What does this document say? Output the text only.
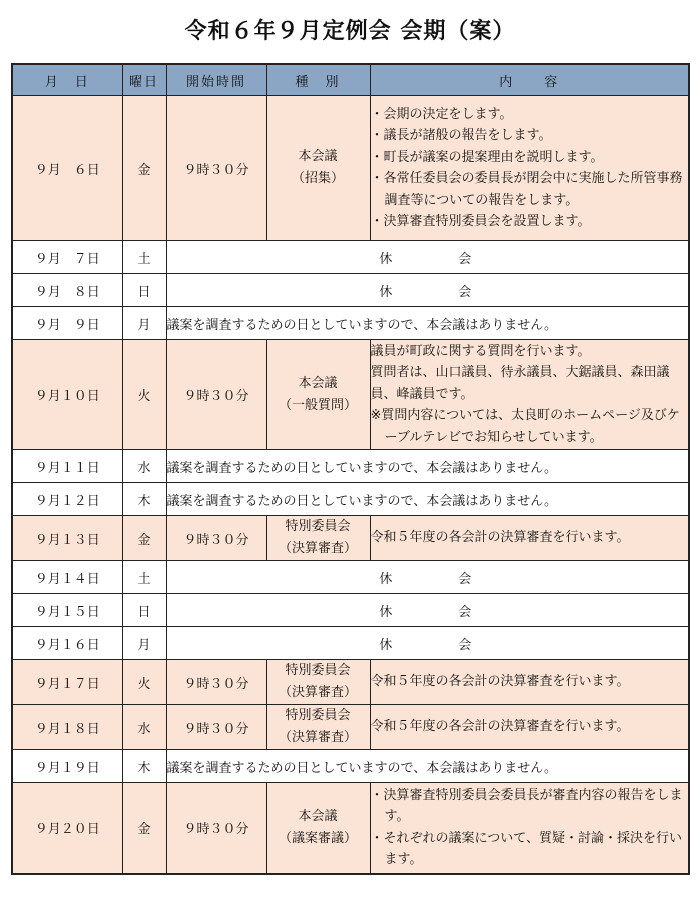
令和６年９月定例会 会期（案）
月　日	曜日	開始時間	種　別	内　　容
９月　６日	金	９時３０分	本会議
（招集）	・会期の決定をします。
・議長が諸般の報告をします。
・町長が議案の提案理由を説明します。
・各常任委員会の委員長が閉会中に実施した所管事務調査等についての報告をします。
・決算審査特別委員会を設置します。

９月　７日	土	休 会		
９月　８日	日	休 会		
９月　９日	月	議案を調査するための日としていますので、本会議はありません。		
９月１０日	火	９時３０分	本会議
（一般質問）	議員が町政に関する質問を行います。
質問者は、山口議員、待永議員、大鋸議員、森田議員、峰議員です。
※質問内容については、太良町のホームページ及びケーブルテレビでお知らせしています。

９月１１日	水	議案を調査するための日としていますので、本会議はありません。		
９月１２日	木	議案を調査するための日としていますので、本会議はありません。		
９月１３日	金	９時３０分	特別委員会
（決算審査）	令和５年度の各会計の決算審査を行います。
９月１４日	土	休 会		
９月１５日	日	休 会		
９月１６日	月	休 会		
９月１７日	火	９時３０分	特別委員会
（決算審査）	令和５年度の各会計の決算審査を行います。
９月１８日	水	９時３０分	特別委員会
（決算審査）	令和５年度の各会計の決算審査を行います。
９月１９日	木	議案を調査するための日としていますので、本会議はありません。		
９月２０日	金	９時３０分	本会議
（議案審議）	・決算審査特別委員会委員長が審査内容の報告をします。
・それぞれの議案について、質疑・討論・採決を行います。
